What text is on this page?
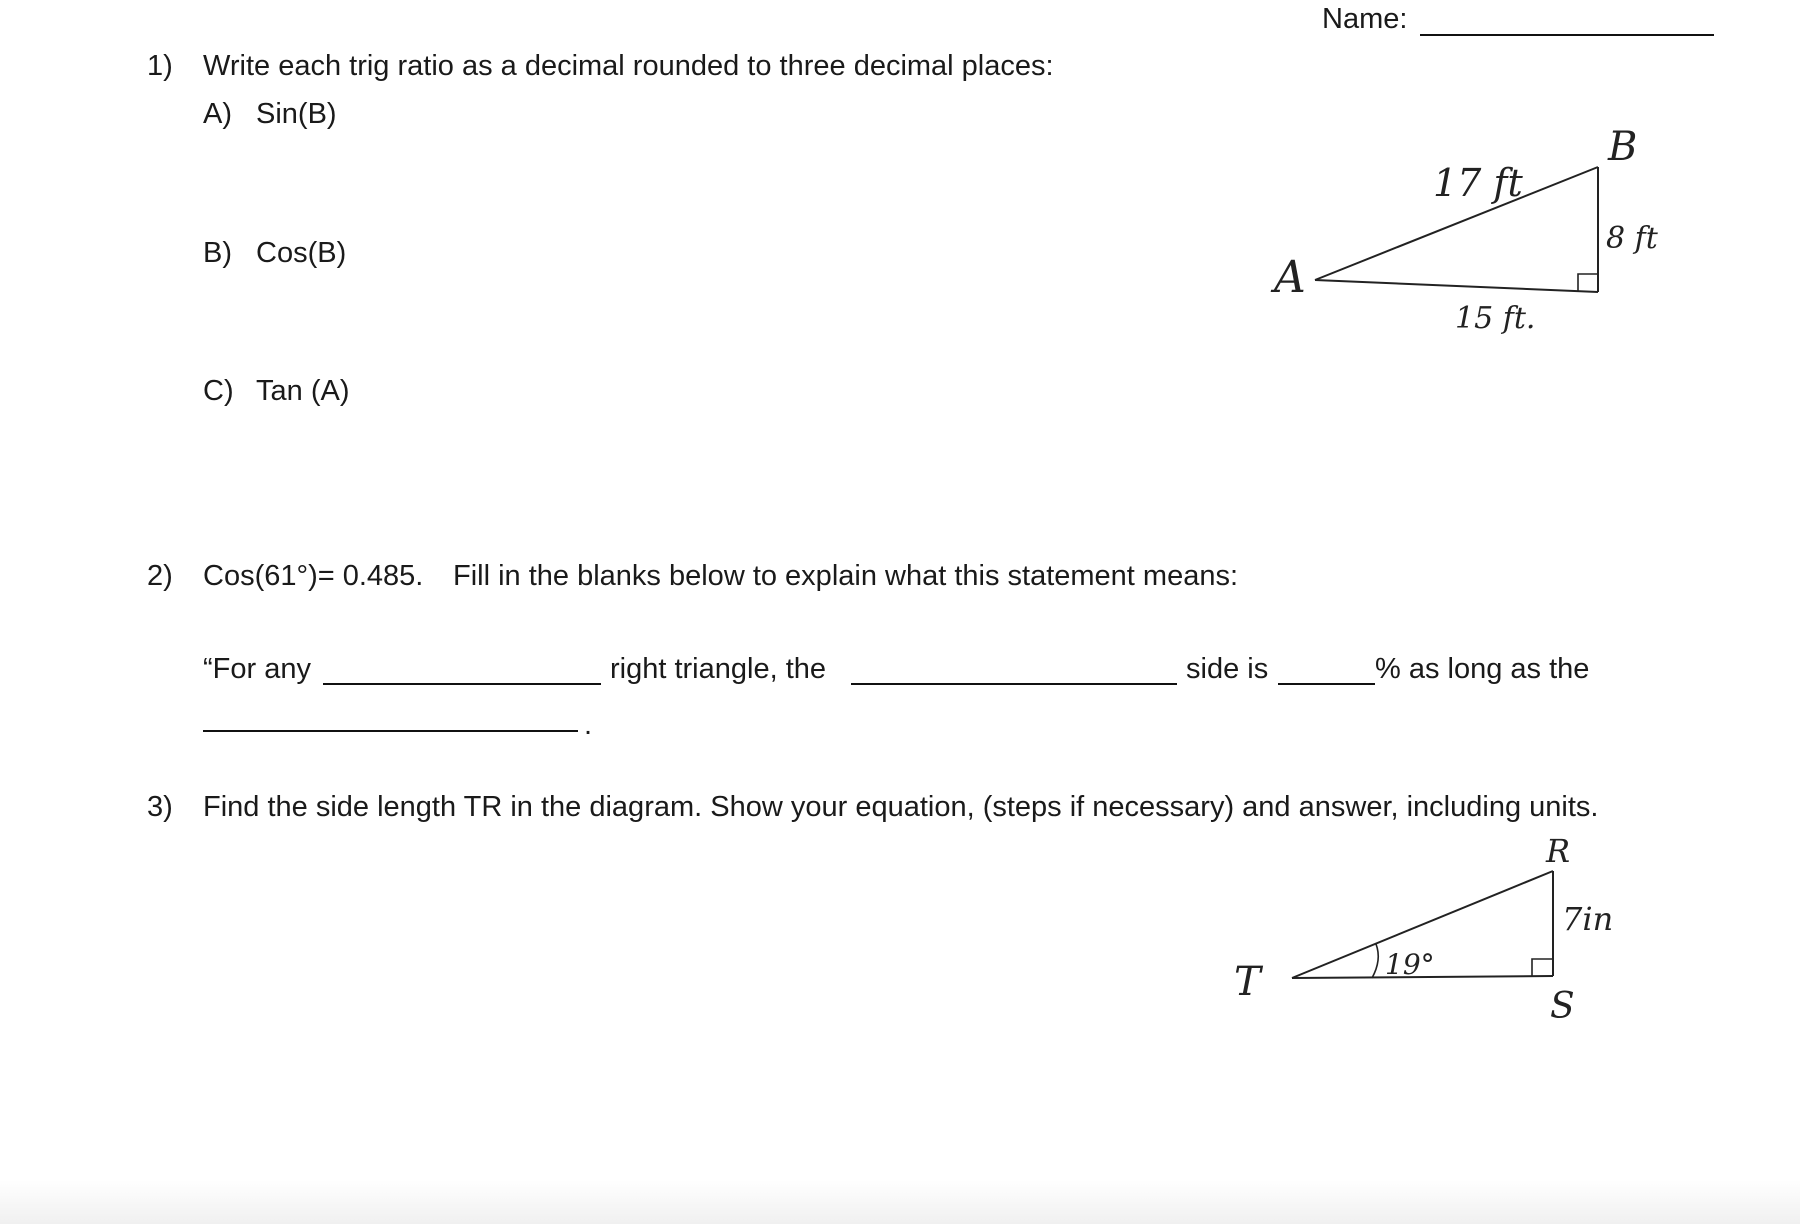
Name:
1) Write each trig ratio as a decimal rounded to three decimal places:
A) Sin(B)
B) Cos(B)
C) Tan (A)
A
B
17 ft
8 ft
15 ft.
2) Cos(61°)= 0.485. Fill in the blanks below to explain what this statement means:
“For any	right triangle, the	side is	% as long as the
.
3) Find the side length TR in the diagram. Show your equation, (steps if necessary) and answer, including units.
T
R
S
19°
7in
